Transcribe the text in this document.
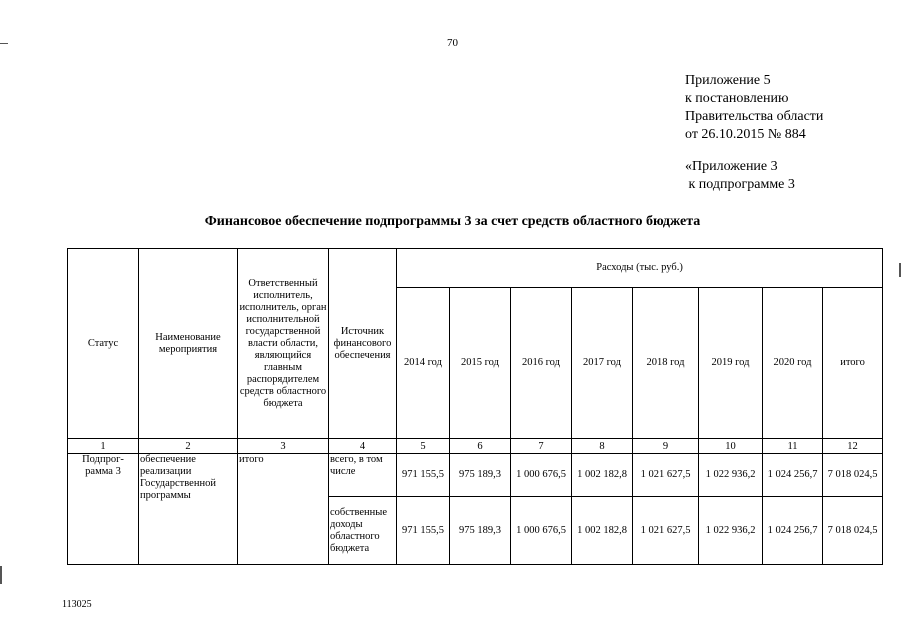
70
Приложение 5
к постановлению
Правительства области
от 26.10.2015 № 884
«Приложение 3
к подпрограмме 3
Финансовое обеспечение подпрограммы 3 за счет средств областного бюджета
Статус	Наименование мероприятия	Ответственный исполнитель, исполнитель, орган исполнительной государственной власти области, являющийся главным распорядителем средств областного бюджета	Источник финансового обеспечения	Расходы (тыс. руб.)							
				2014 год	2015 год	2016 год	2017 год	2018 год	2019 год	2020 год	итого
1	2	3	4	5	6	7	8	9	10	11	12
Подпрог- рамма 3	обеспечение реализации Государственной программы	итого	всего, в том числе	971 155,5	975 189,3	1 000 676,5	1 002 182,8	1 021 627,5	1 022 936,2	1 024 256,7	7 018 024,5
			собственные доходы областного бюджета	971 155,5	975 189,3	1 000 676,5	1 002 182,8	1 021 627,5	1 022 936,2	1 024 256,7	7 018 024,5
113025
